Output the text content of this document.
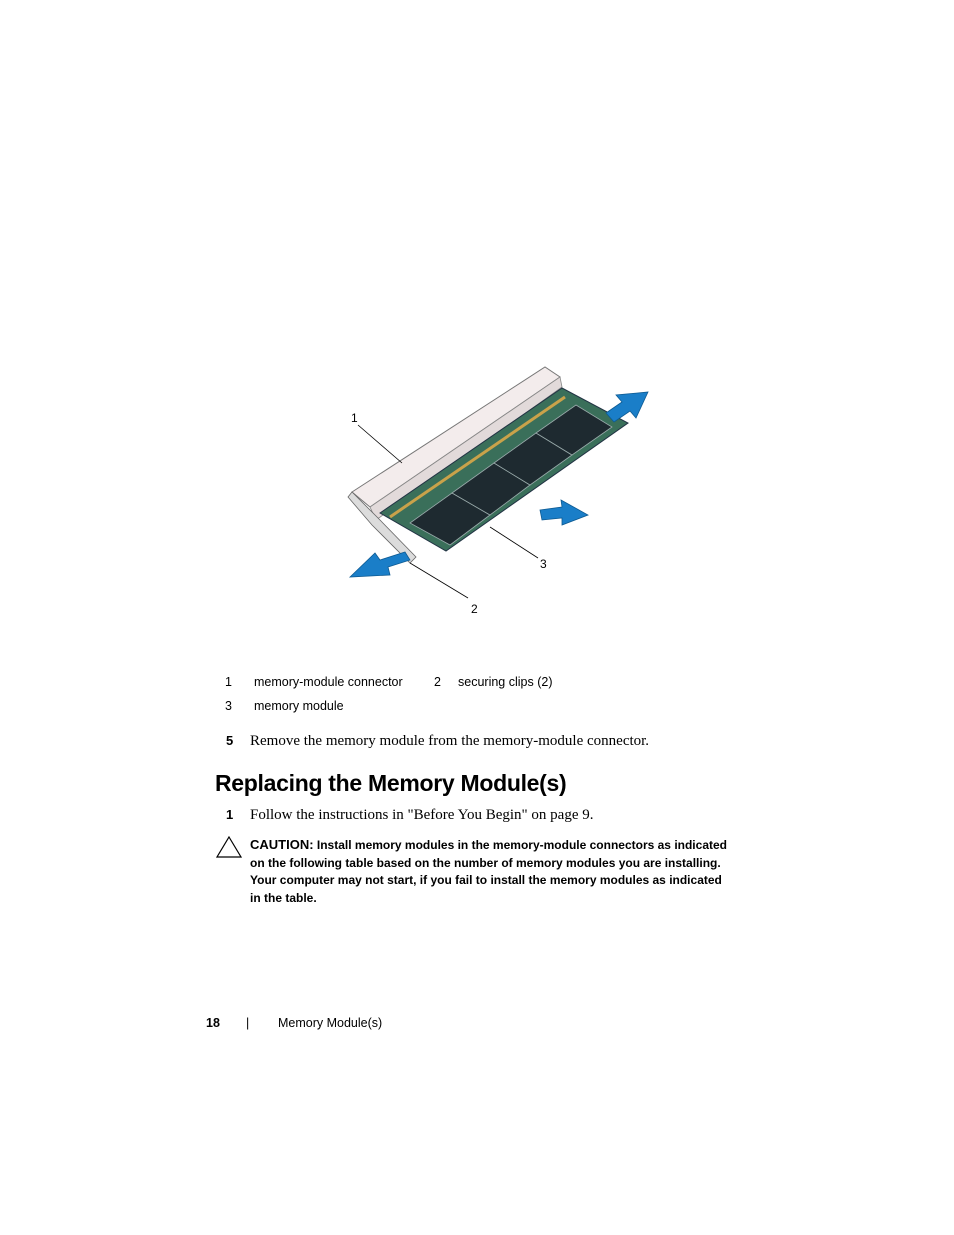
1
2
3
1 memory-module connector	2 securing clips (2)
3 memory module
5 Remove the memory module from the memory-module connector.
Replacing the Memory Module(s)
1 Follow the instructions in "Before You Begin" on page 9.
CAUTION: Install memory modules in the memory-module connectors as indicated on the following table based on the number of memory modules you are installing. Your computer may not start, if you fail to install the memory modules as indicated in the table.
18 | Memory Module(s)
